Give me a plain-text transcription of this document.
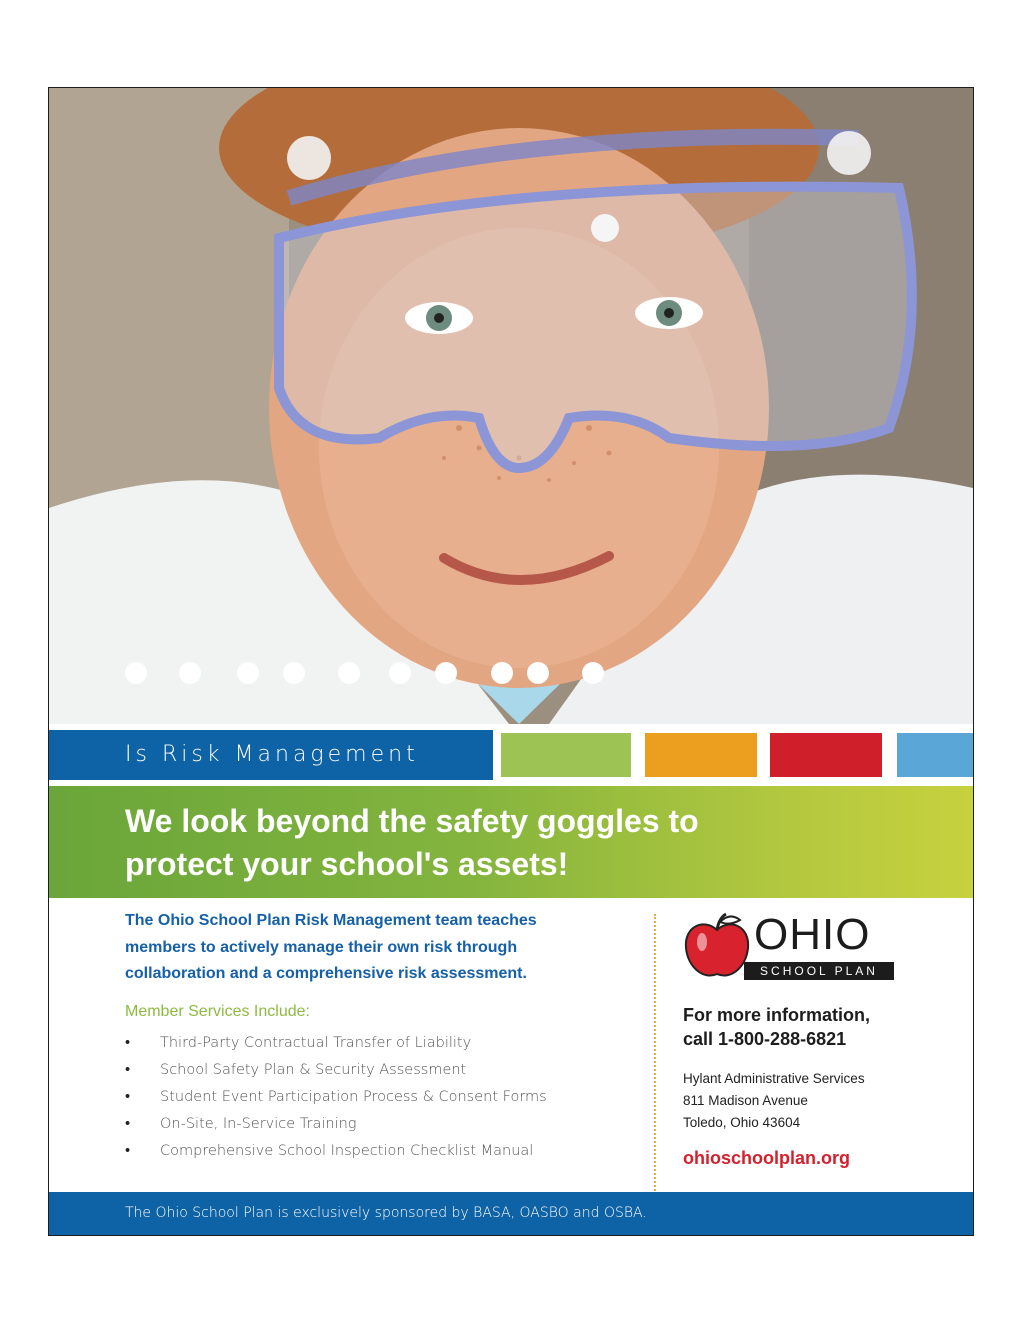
Is Risk Management
We look beyond the safety goggles to
protect your school's assets!

The Ohio School Plan Risk Management team teaches members to actively manage their own risk through collaboration and a comprehensive risk assessment.

Member Services Include:

• Third-Party Contractual Transfer of Liability
• School Safety Plan & Security Assessment
• Student Event Participation Process & Consent Forms
• On-Site, In-Service Training
• Comprehensive School Inspection Checklist Manual
OHIO
SCHOOL PLAN

For more information,
call 1-800-288-6821

Hylant Administrative Services
811 Madison Avenue
Toledo, Ohio 43604

ohioschoolplan.org

The Ohio School Plan is exclusively sponsored by BASA, OASBO and OSBA.
